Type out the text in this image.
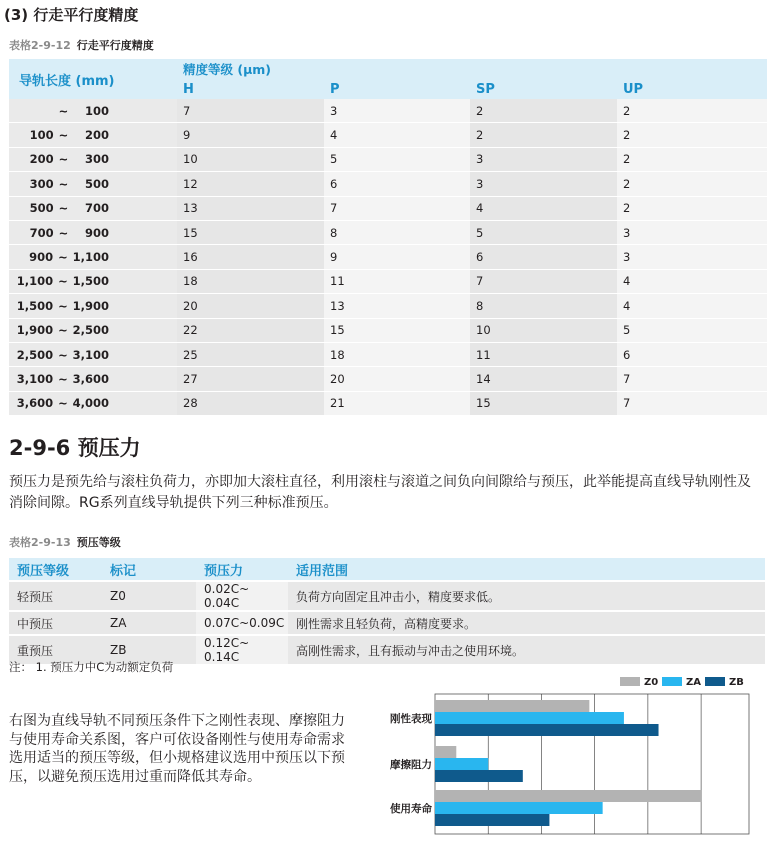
(3) 行走平行度精度
表格2-9-12 行走平行度精度
导轨长度 (mm)	精度等级 (μm)			
	H	P	SP	UP

~ 100	7	3	2	2

100 ~ 200	9	4	2	2

200 ~ 300	10	5	3	2

300 ~ 500	12	6	3	2

500 ~ 700	13	7	4	2

700 ~ 900	15	8	5	3

900 ~ 1,100	16	9	6	3

1,100 ~ 1,500	18	11	7	4

1,500 ~ 1,900	20	13	8	4

1,900 ~ 2,500	22	15	10	5

2,500 ~ 3,100	25	18	11	6

3,100 ~ 3,600	27	20	14	7

3,600 ~ 4,000	28	21	15	7
2-9-6 预压力
预压力是预先给与滚柱负荷力，亦即加大滚柱直径，利用滚柱与滚道之间负向间隙给与预压，此举能提高直线导轨刚性及消除间隙。RG系列直线导轨提供下列三种标准预压。
表格2-9-13 预压等级
预压等级	标记	预压力	适用范围
轻预压	Z0	0.02C~ 0.04C	负荷方向固定且冲击小，精度要求低。
中预压	ZA	0.07C~0.09C	刚性需求且轻负荷，高精度要求。
重预压	ZB	0.12C~ 0.14C	高刚性需求，且有振动与冲击之使用环境。
注： 1. 预压力中C为动额定负荷
右图为直线导轨不同预压条件下之刚性表现、摩擦阻力与使用寿命关系图，客户可依设备刚性与使用寿命需求选用适当的预压等级，但小规格建议选用中预压以下预压，以避免预压选用过重而降低其寿命。
Z0	ZA	ZB
刚性表现
摩擦阻力
使用寿命
